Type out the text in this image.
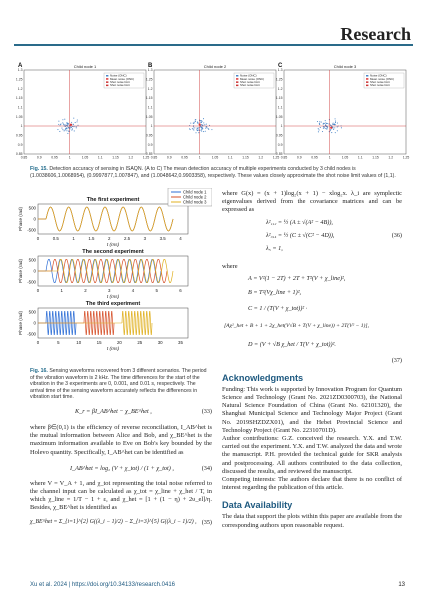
Research
A	Child node 1
1.3
1.25
1.2
1.15
1.1
1.05
1
0.95
0.9
0.85
0.85	0.9	0.95	1	1.05	1.1	1.15	1.2	1.25
Noise (ONC)
Mean noise (ONC)
Shot noise limit
Shot noise limit
B	Child node 2
1.3
1.25
1.2
1.15
1.1
1.05
1
0.95
0.9
0.85
0.85	0.9	0.95	1	1.05	1.1	1.15	1.2	1.25
Noise (ONC)
Mean noise (ONC)
Shot noise limit
Shot noise limit
C	Child node 3
1.3
1.25
1.2
1.15
1.1
1.05
1
0.95
0.9
0.85
0.85	0.9	0.95	1	1.05	1.1	1.15	1.2	1.25
Noise (ONC)
Mean noise (ONC)
Shot noise limit
Shot noise limit
Fig. 15. Detection accuracy of sensing in ISAQN. (A to C) The mean detection accuracy of multiple experiments conducted by 3 child nodes is (1.0038606,1.0068954), (0.9997877,1.007847), and (1.0048642,0.9903358), respectively. These values closely approximate the shot noise limit values of (1,1).
The first experiment
500
0
-500
Phase (rad)
0	0.5	1	1.5	2	2.5	3	3.5	4
t (ms)
The second experiment
500
0
-500
Phase (rad)
0	1	2	3	4	5	6
t (ms)
The third experiment
500
0
-500
Phase (rad)
0	5	10	15	20	25	30	35
t (ms)
Child node 1
Child node 2
Child node 3
Fig. 16. Sensing waveforms recovered from 3 different scenarios. The period of the vibration waveform is 2 kHz. The time differences for the start of the vibration in the 3 experiments are 0, 0.001, and 0.01 s, respectively. The arrival time of the sensing waveform accurately reflects the differences in vibration start time.
K_r = βI_AB^het − χ_BE^het ,	(33)
where β∈(0,1) is the efficiency of reverse reconciliation, I_AB^het is the mutual information between Alice and Bob, and χ_BE^het is the maximum information available to Eve on Bob's key bounded by the Holevo quantity. Specifically, I_AB^het can be identified as
I_AB^het = log₂ (V + χ_tot) / (1 + χ_tot) ,	(34)
where V = V_A + 1, and χ_tot representing the total noise referred to the channel input can be calculated as χ_tot = χ_line + χ_het / T, in which χ_line = 1/T − 1 + ε, and χ_het = [1 + (1 − η) + 2υ_el]/η. Besides, χ_BE^het is identified as
χ_BE^het = Σ_{i=1}^{2} G((λ_i − 1)/2) − Σ_{i=3}^{5} G((λ_i − 1)/2) , (35)
where G(x) = (x + 1)log₂(x + 1) − xlog₂x. λ_i are symplectic eigenvalues derived from the covariance matrices and can be expressed as
λ²₁,₂ = ½ (A ± √(A² − 4B)),
λ²₃,₄ = ½ (C ± √(C² − 4D)),
λ₅ = 1,
(36)
where
A = V²(1 − 2T) + 2T + T²(V + χ_line)²,
B = T²(Vχ_line + 1)²,
C = 1 / (T(V + χ_tot))² ·
[Aχ²_het + B + 1 + 2χ_het(V√B + T(V + χ_line)) + 2T(V² − 1)],
D = (V + √B χ_het / T(V + χ_tot))².
(37)
Acknowledgments
Funding: This work is supported by Innovation Program for Quantum Science and Technology (Grant No. 2021ZD0300703), the National Natural Science Foundation of China (Grant No. 62101320), the Shanghai Municipal Science and Technology Major Project (Grant No. 2019SHZDZX01), and the Hebei Provincial Science and Technology Project (Grant No. 22310701D).
Author contributions: G.Z. conceived the research. Y.X. and T.W. carried out the experiment. Y.X. and T.W. analyzed the data and wrote the manuscript. P.H. provided the technical guide for SKR analysis and postprocessing. All authors contributed to the data collection, discussed the results, and reviewed the manuscript.
Competing interests: The authors declare that there is no conflict of interest regarding the publication of this article.
Data Availability
The data that support the plots within this paper are available from the corresponding authors upon reasonable request.
Xu et al. 2024 | https://doi.org/10.34133/research.0416	13
